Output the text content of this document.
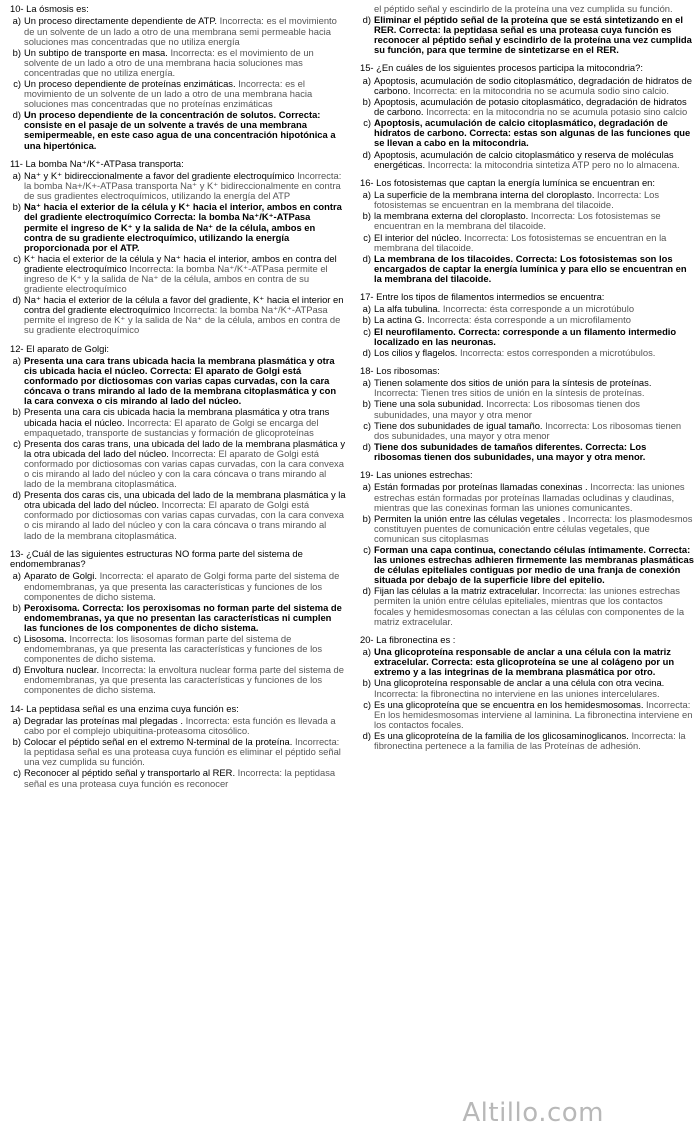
10- La ósmosis es:
a) Un proceso directamente dependiente de ATP. Incorrecta: es el movimiento de un solvente de un lado a otro de una membrana semi permeable hacia soluciones mas concentradas que no utiliza energía
b) Un subtipo de transporte en masa. Incorrecta: es el movimiento de un solvente de un lado a otro de una membrana hacia soluciones mas concentradas que no utiliza energía.
c) Un proceso dependiente de proteínas enzimáticas. Incorrecta: es el movimiento de un solvente de un lado a otro de una membrana hacia soluciones mas concentradas que no proteínas enzimáticas
d) Un proceso dependiente de la concentración de solutos. Correcta: consiste en el pasaje de un solvente a través de una membrana semipermeable, en este caso agua de una concentración hipotónica a una hipertónica.
11- La bomba Na⁺/K⁺-ATPasa transporta:
a) Na⁺ y K⁺ bidireccionalmente a favor del gradiente electroquímico Incorrecta: la bomba Na+/K+-ATPasa transporta Na⁺ y K⁺ bidireccionalmente en contra de sus gradientes electroquímicos, utilizando la energía del ATP
b) Na⁺ hacia el exterior de la célula y K⁺ hacia el interior, ambos en contra del gradiente electroquímico Correcta: la bomba Na⁺/K⁺-ATPasa permite el ingreso de K⁺ y la salida de Na⁺ de la célula, ambos en contra de su gradiente electroquímico, utilizando la energía proporcionada por el ATP.
c) K⁺ hacia el exterior de la célula y Na⁺ hacia el interior, ambos en contra del gradiente electroquímico Incorrecta: la bomba Na⁺/K⁺-ATPasa permite el ingreso de K⁺ y la salida de Na⁺ de la célula, ambos en contra de su gradiente electroquímico
d) Na⁺ hacia el exterior de la célula a favor del gradiente, K⁺ hacia el interior en contra del gradiente electroquímico Incorrecta: la bomba Na⁺/K⁺-ATPasa permite el ingreso de K⁺ y la salida de Na⁺ de la célula, ambos en contra de su gradiente electroquímico
12- El aparato de Golgi:
a) Presenta una cara trans ubicada hacia la membrana plasmática y otra cis ubicada hacia el núcleo. Correcta: El aparato de Golgi está conformado por dictiosomas con varias capas curvadas, con la cara cóncava o trans mirando al lado de la membrana citoplasmática y con la cara convexa o cis mirando al lado del núcleo.
b) Presenta una cara cis ubicada hacia la membrana plasmática y otra trans ubicada hacia el núcleo. Incorrecta: El aparato de Golgi se encarga del empaquetado, transporte de sustancias y formación de glicoproteínas
c) Presenta dos caras trans, una ubicada del lado de la membrana plasmática y la otra ubicada del lado del núcleo. Incorrecta: El aparato de Golgi está conformado por dictiosomas con varias capas curvadas, con la cara convexa o cis mirando al lado del núcleo y con la cara cóncava o trans mirando al lado de la membrana citoplasmática.
d) Presenta dos caras cis, una ubicada del lado de la membrana plasmática y la otra ubicada del lado del núcleo. Incorrecta: El aparato de Golgi está conformado por dictiosomas con varias capas curvadas, con la cara convexa o cis mirando al lado del núcleo y con la cara cóncava o trans mirando al lado de la membrana citoplasmática.
13- ¿Cuál de las siguientes estructuras NO forma parte del sistema de endomembranas?
a) Aparato de Golgi. Incorrecta: el aparato de Golgi forma parte del sistema de endomembranas, ya que presenta las características y funciones de los componentes de dicho sistema.
b) Peroxisoma. Correcta: los peroxisomas no forman parte del sistema de endomembranas, ya que no presentan las características ni cumplen las funciones de los componentes de dicho sistema.
c) Lisosoma. Incorrecta: los lisosomas forman parte del sistema de endomembranas, ya que presenta las características y funciones de los componentes de dicho sistema.
d) Envoltura nuclear. Incorrecta: la envoltura nuclear forma parte del sistema de endomembranas, ya que presenta las características y funciones de los componentes de dicho sistema.
14- La peptidasa señal es una enzima cuya función es:
a) Degradar las proteínas mal plegadas . Incorrecta: esta función es llevada a cabo por el complejo ubiquitina-proteasoma citosólico.
b) Colocar el péptido señal en el extremo N-terminal de la proteína. Incorrecta: la peptidasa señal es una proteasa cuya función es eliminar el péptido señal una vez cumplida su función.
c) Reconocer al péptido señal y transportarlo al RER. Incorrecta: la peptidasa señal es una proteasa cuya función es reconocer
el péptido señal y escindirlo de la proteína una vez cumplida su función.
d) Eliminar el péptido señal de la proteína que se está sintetizando en el RER. Correcta: la peptidasa señal es una proteasa cuya función es reconocer al péptido señal y escindirlo de la proteína una vez cumplida su función, para que termine de sintetizarse en el RER.
15- ¿En cuáles de los siguientes procesos participa la mitocondria?:
a) Apoptosis, acumulación de sodio citoplasmático, degradación de hidratos de carbono. Incorrecta: en la mitocondria no se acumula sodio sino calcio.
b) Apoptosis, acumulación de potasio citoplasmático, degradación de hidratos de carbono. Incorrecta: en la mitocondria no se acumula potasio sino calcio
c) Apoptosis, acumulación de calcio citoplasmático, degradación de hidratos de carbono. Correcta: estas son algunas de las funciones que se llevan a cabo en la mitocondria.
d) Apoptosis, acumulación de calcio citoplasmático y reserva de moléculas energéticas. Incorrecta: la mitocondria sintetiza ATP pero no lo almacena.
16- Los fotosistemas que captan la energía lumínica se encuentran en:
a) La superficie de la membrana interna del cloroplasto. Incorrecta: Los fotosistemas se encuentran en la membrana del tilacoide.
b) la membrana externa del cloroplasto. Incorrecta: Los fotosistemas se encuentran en la membrana del tilacoide.
c) El interior del núcleo. Incorrecta: Los fotosistemas se encuentran en la membrana del tilacoide.
d) La membrana de los tilacoides. Correcta: Los fotosistemas son los encargados de captar la energía lumínica y para ello se encuentran en la membrana del tilacoide.
17- Entre los tipos de filamentos intermedios se encuentra:
a) La alfa tubulina. Incorrecta: ésta corresponde a un microtúbulo
b) La actina G. Incorrecta: ésta corresponde a un microfilamento
c) El neurofilamento. Correcta: corresponde a un filamento intermedio localizado en las neuronas.
d) Los cilios y flagelos. Incorrecta: estos corresponden a microtúbulos.
18- Los ribosomas:
a) Tienen solamente dos sitios de unión para la síntesis de proteínas. Incorrecta: Tienen tres sitios de unión en la síntesis de proteínas.
b) Tiene una sola subunidad. Incorrecta: Los ribosomas tienen dos subunidades, una mayor y otra menor
c) Tiene dos subunidades de igual tamaño. Incorrecta: Los ribosomas tienen dos subunidades, una mayor y otra menor
d) Tiene dos subunidades de tamaños diferentes. Correcta: Los ribosomas tienen dos subunidades, una mayor y otra menor.
19- Las uniones estrechas:
a) Están formadas por proteínas llamadas conexinas . Incorrecta: las uniones estrechas están formadas por proteínas llamadas ocludinas y claudinas, mientras que las conexinas forman las uniones comunicantes.
b) Permiten la unión entre las células vegetales . Incorrecta: los plasmodesmos constituyen puentes de comunicación entre células vegetales, que comunican sus citoplasmas
c) Forman una capa continua, conectando células íntimamente. Correcta: las uniones estrechas adhieren firmemente las membranas plasmáticas de células epiteliales contiguas por medio de una franja de conexión situada por debajo de la superficie libre del epitelio.
d) Fijan las células a la matriz extracelular. Incorrecta: las uniones estrechas permiten la unión entre células epiteliales, mientras que los contactos focales y hemidesmosomas conectan a las células con componentes de la matriz extracelular.
20- La fibronectina es :
a) Una glicoproteína responsable de anclar a una célula con la matriz extracelular. Correcta: esta glicoproteína se une al colágeno por un extremo y a las integrinas de la membrana plasmática por otro.
b) Una glicoproteína responsable de anclar a una célula con otra vecina. Incorrecta: la fibronectina no interviene en las uniones intercelulares.
c) Es una glicoproteína que se encuentra en los hemidesmosomas. Incorrecta: En los hemidesmosomas interviene al laminina. La fibronectina interviene en los contactos focales.
d) Es una glicoproteína de la familia de los glicosaminoglicanos. Incorrecta: la fibronectina pertenece a la familia de las Proteínas de adhesión.
Altillo.com
